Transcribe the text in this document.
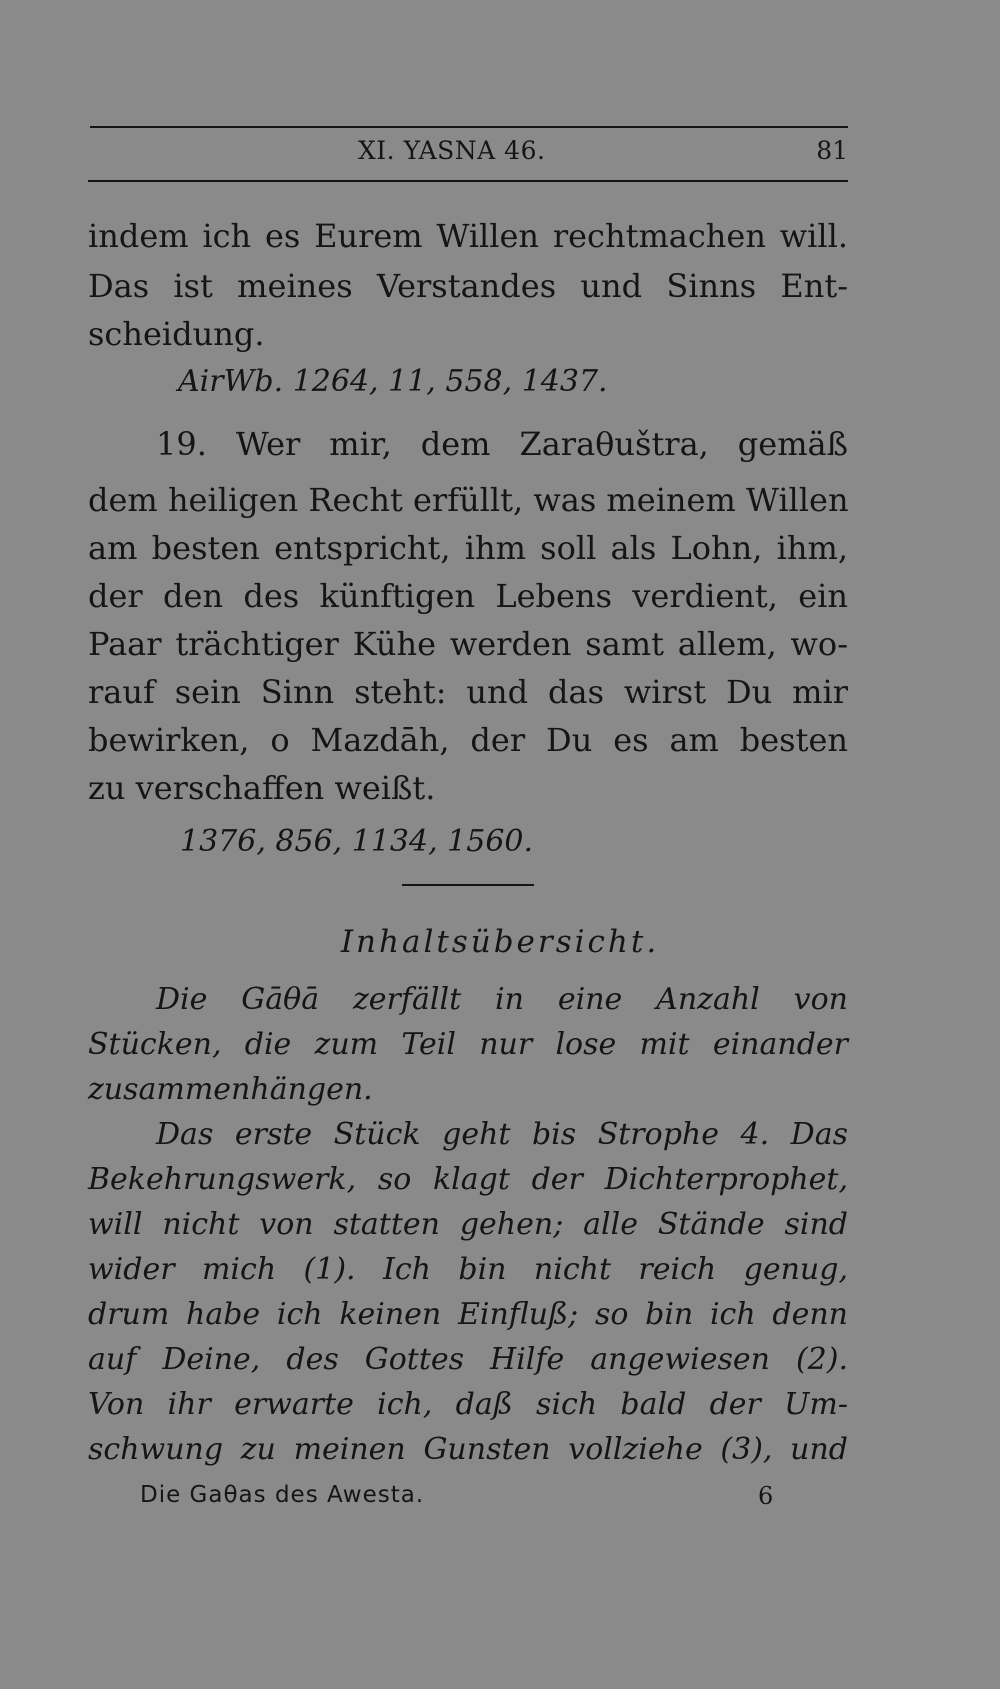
XI. YASNA 46.	81
indem ich es Eurem Willen rechtmachen will.
Das ist meines Verstandes und Sinns Ent-
scheidung.
AirWb. 1264, 11, 558, 1437.
19. Wer mir, dem Zaraθuštra, gemäß
dem heiligen Recht erfüllt, was meinem Willen
am besten entspricht, ihm soll als Lohn, ihm,
der den des künftigen Lebens verdient, ein
Paar trächtiger Kühe werden samt allem, wo-
rauf sein Sinn steht: und das wirst Du mir
bewirken, o Mazdāh, der Du es am besten
zu verschaffen weißt.
1376, 856, 1134, 1560.
Inhaltsübersicht.
Die Gāθā zerfällt in eine Anzahl von
Stücken, die zum Teil nur lose mit einander
zusammenhängen.
Das erste Stück geht bis Strophe 4. Das
Bekehrungswerk, so klagt der Dichterprophet,
will nicht von statten gehen; alle Stände sind
wider mich (1). Ich bin nicht reich genug,
drum habe ich keinen Einfluß; so bin ich denn
auf Deine, des Gottes Hilfe angewiesen (2).
Von ihr erwarte ich, daß sich bald der Um-
schwung zu meinen Gunsten vollziehe (3), und
Die Gaθas des Awesta.	6
